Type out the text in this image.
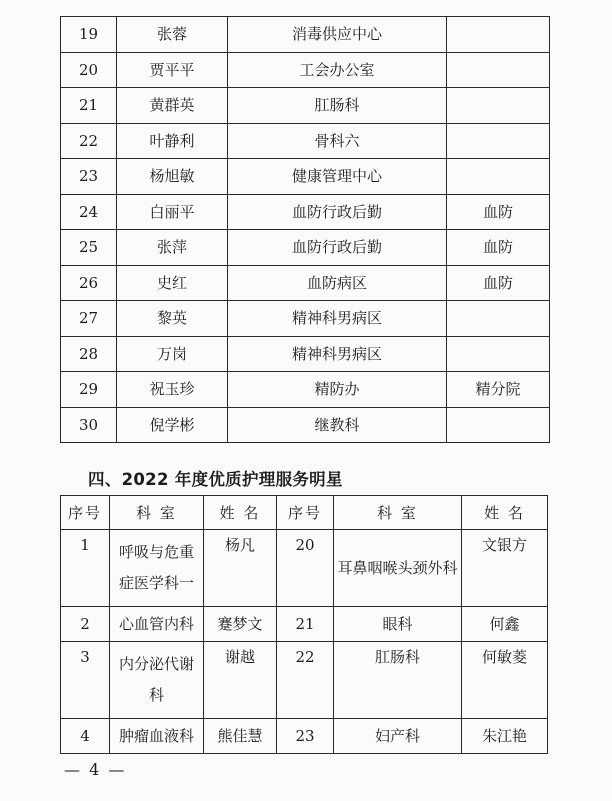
19	张蓉	消毒供应中心	
20	贾平平	工会办公室	
21	黄群英	肛肠科	
22	叶静利	骨科六	
23	杨旭敏	健康管理中心	
24	白丽平	血防行政后勤	血防
25	张萍	血防行政后勤	血防
26	史红	血防病区	血防
27	黎英	精神科男病区	
28	万岗	精神科男病区	
29	祝玉珍	精防办	精分院
30	倪学彬	继教科	
四、2022 年度优质护理服务明星
序号	科 室	姓 名	序号	科 室	姓 名
1	呼吸与危重症医学科一	杨凡	20	耳鼻咽喉头颈外科	文银方
2	心血管内科	蹇梦文	21	眼科	何鑫
3	内分泌代谢科	谢越	22	肛肠科	何敏菱
4	肿瘤血液科	熊佳慧	23	妇产科	朱江艳
— 4 —
